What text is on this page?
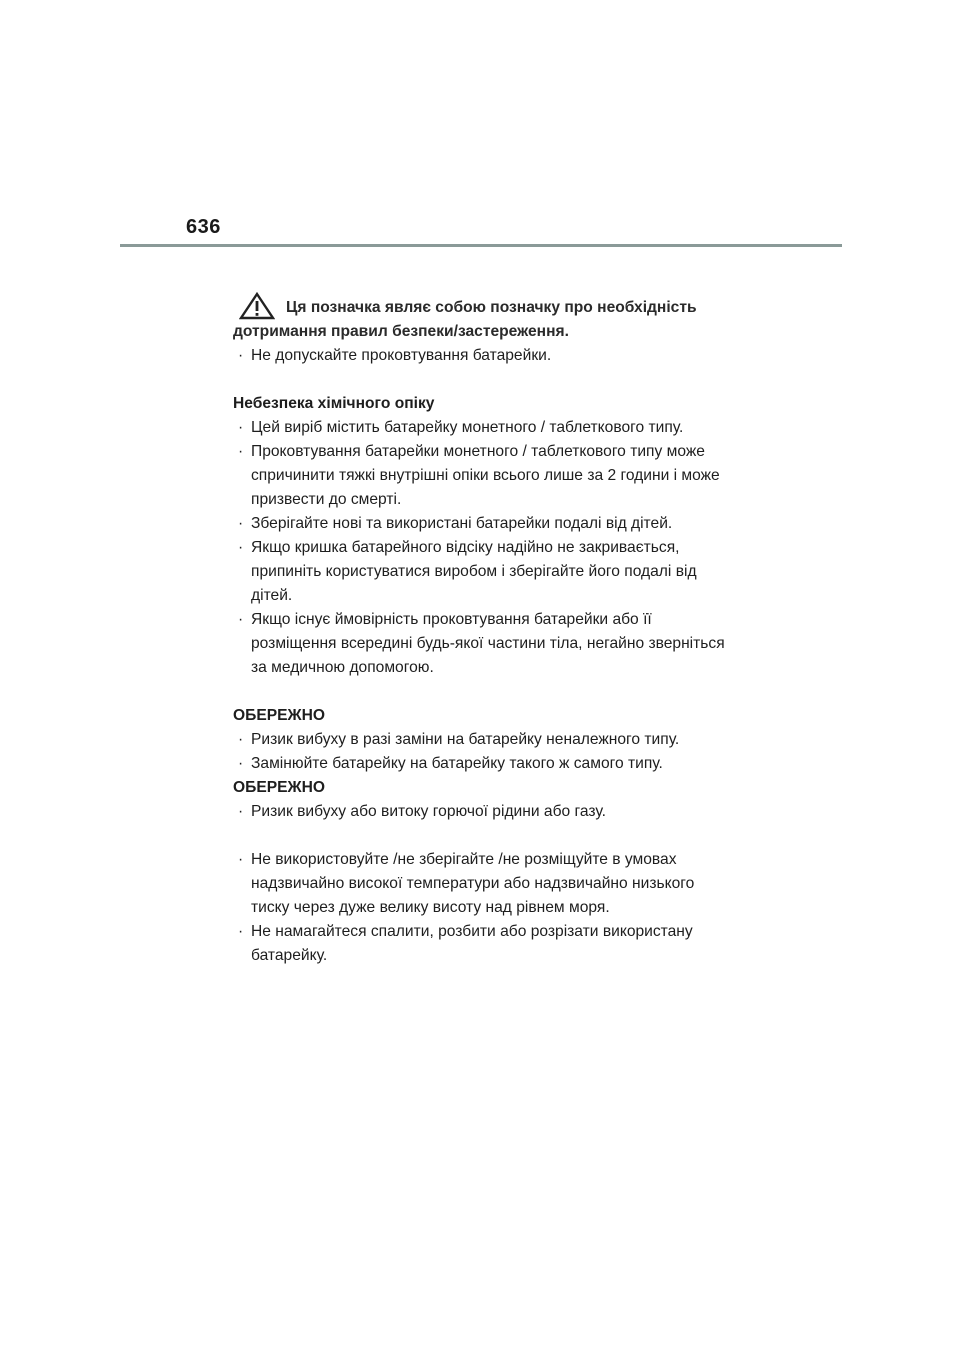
636
Ця позначка являє собою позначку про необхідність
дотримання правил безпеки/застереження.
· Не допускайте проковтування батарейки.
Небезпека хімічного опіку
· Цей виріб містить батарейку монетного / таблеткового типу.
· Проковтування батарейки монетного / таблеткового типу може спричинити тяжкі внутрішні опіки всього лише за 2 години і може призвести до смерті.
· Зберігайте нові та використані батарейки подалі від дітей.
· Якщо кришка батарейного відсіку надійно не закривається, припиніть користуватися виробом і зберігайте його подалі від дітей.
· Якщо існує ймовірність проковтування батарейки або її розміщення всередині будь-якої частини тіла, негайно зверніться за медичною допомогою.
ОБЕРЕЖНО
· Ризик вибуху в разі заміни на батарейку неналежного типу.
· Замінюйте батарейку на батарейку такого ж самого типу.
ОБЕРЕЖНО
· Ризик вибуху або витоку горючої рідини або газу.
· Не використовуйте /не зберігайте /не розміщуйте в умовах надзвичайно високої температури або надзвичайно низького тиску через дуже велику висоту над рівнем моря.
· Не намагайтеся спалити, розбити або розрізати використану батарейку.
